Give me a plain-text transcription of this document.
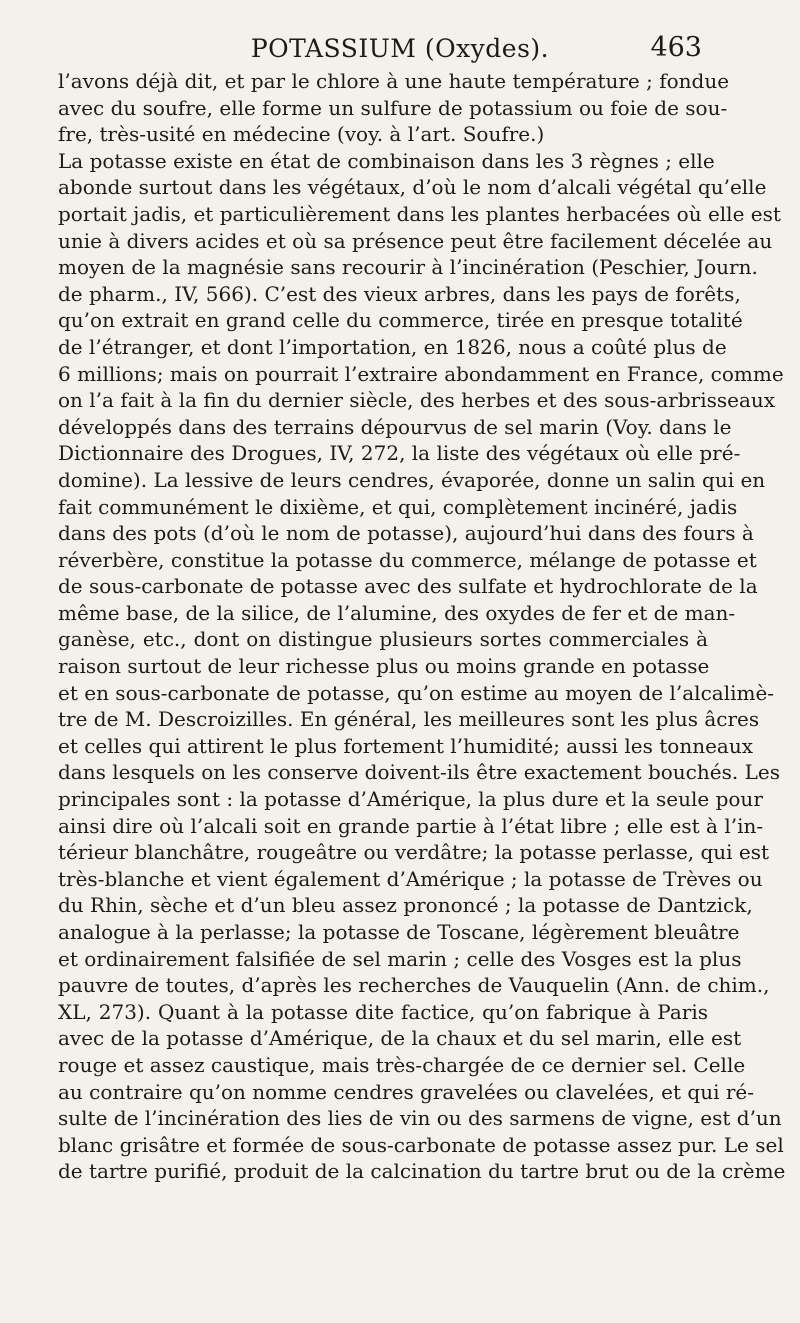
POTASSIUM (Oxydes).	463
l’avons déjà dit, et par le chlore à une haute température ; fondue
avec du soufre, elle forme un sulfure de potassium ou foie de sou-
fre, très-usité en médecine (voy. à l’art. Soufre.)
La potasse existe en état de combinaison dans les 3 règnes ; elle
abonde surtout dans les végétaux, d’où le nom d’alcali végétal qu’elle
portait jadis, et particulièrement dans les plantes herbacées où elle est
unie à divers acides et où sa présence peut être facilement décelée au
moyen de la magnésie sans recourir à l’incinération (Peschier, Journ.
de pharm., IV, 566). C’est des vieux arbres, dans les pays de forêts,
qu’on extrait en grand celle du commerce, tirée en presque totalité
de l’étranger, et dont l’importation, en 1826, nous a coûté plus de
6 millions; mais on pourrait l’extraire abondamment en France, comme
on l’a fait à la fin du dernier siècle, des herbes et des sous-arbrisseaux
développés dans des terrains dépourvus de sel marin (Voy. dans le
Dictionnaire des Drogues, IV, 272, la liste des végétaux où elle pré-
domine). La lessive de leurs cendres, évaporée, donne un salin qui en
fait communément le dixième, et qui, complètement incinéré, jadis
dans des pots (d’où le nom de potasse), aujourd’hui dans des fours à
réverbère, constitue la potasse du commerce, mélange de potasse et
de sous-carbonate de potasse avec des sulfate et hydrochlorate de la
même base, de la silice, de l’alumine, des oxydes de fer et de man-
ganèse, etc., dont on distingue plusieurs sortes commerciales à
raison surtout de leur richesse plus ou moins grande en potasse
et en sous-carbonate de potasse, qu’on estime au moyen de l’alcalimè-
tre de M. Descroizilles. En général, les meilleures sont les plus âcres
et celles qui attirent le plus fortement l’humidité; aussi les tonneaux
dans lesquels on les conserve doivent-ils être exactement bouchés. Les
principales sont : la potasse d’Amérique, la plus dure et la seule pour
ainsi dire où l’alcali soit en grande partie à l’état libre ; elle est à l’in-
térieur blanchâtre, rougeâtre ou verdâtre; la potasse perlasse, qui est
très-blanche et vient également d’Amérique ; la potasse de Trèves ou
du Rhin, sèche et d’un bleu assez prononcé ; la potasse de Dantzick,
analogue à la perlasse; la potasse de Toscane, légèrement bleuâtre
et ordinairement falsifiée de sel marin ; celle des Vosges est la plus
pauvre de toutes, d’après les recherches de Vauquelin (Ann. de chim.,
XL, 273). Quant à la potasse dite factice, qu’on fabrique à Paris
avec de la potasse d’Amérique, de la chaux et du sel marin, elle est
rouge et assez caustique, mais très-chargée de ce dernier sel. Celle
au contraire qu’on nomme cendres gravelées ou clavelées, et qui ré-
sulte de l’incinération des lies de vin ou des sarmens de vigne, est d’un
blanc grisâtre et formée de sous-carbonate de potasse assez pur. Le sel
de tartre purifié, produit de la calcination du tartre brut ou de la crème
